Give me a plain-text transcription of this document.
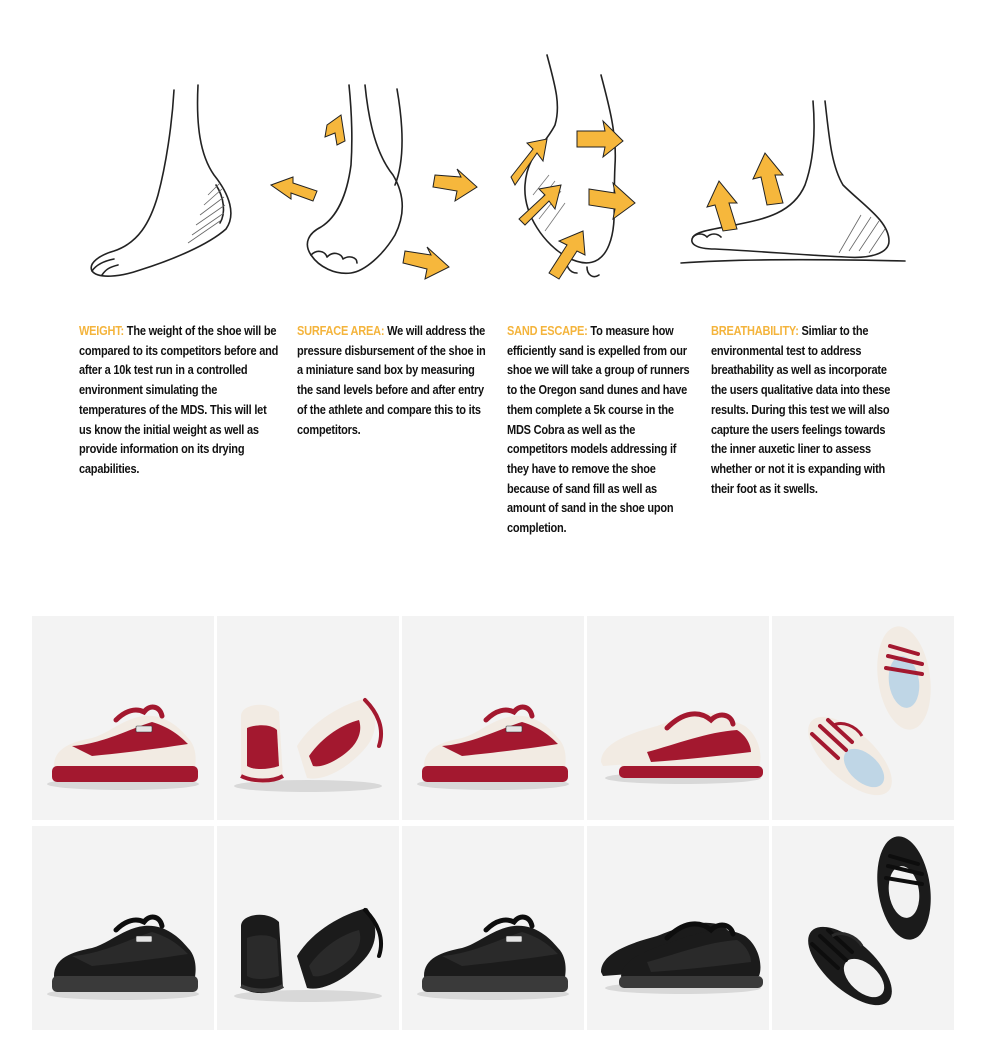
WEIGHT: The weight of the shoe will be compared to its competitors before and after a 10k test run in a controlled environment simulating the temperatures of the MDS. This will let us know the initial weight as well as provide information on its drying capabilities.
SURFACE AREA: We will address the pressure disbursement of the shoe in a miniature sand box by measuring the sand levels before and after entry of the athlete and compare this to its competitors.
SAND ESCAPE: To measure how efficiently sand is expelled from our shoe we will take a group of runners to the Oregon sand dunes and have them complete a 5k course in the MDS Cobra as well as the competitors models addressing if they have to remove the shoe because of sand fill as well as amount of sand in the shoe upon completion.
BREATHABILITY: Simliar to the environmental test to address breathability as well as incorporate the users qualitative data into these results. During this test we will also capture the users feelings towards the inner auxetic liner to assess whether or not it is expanding with their foot as it swells.
